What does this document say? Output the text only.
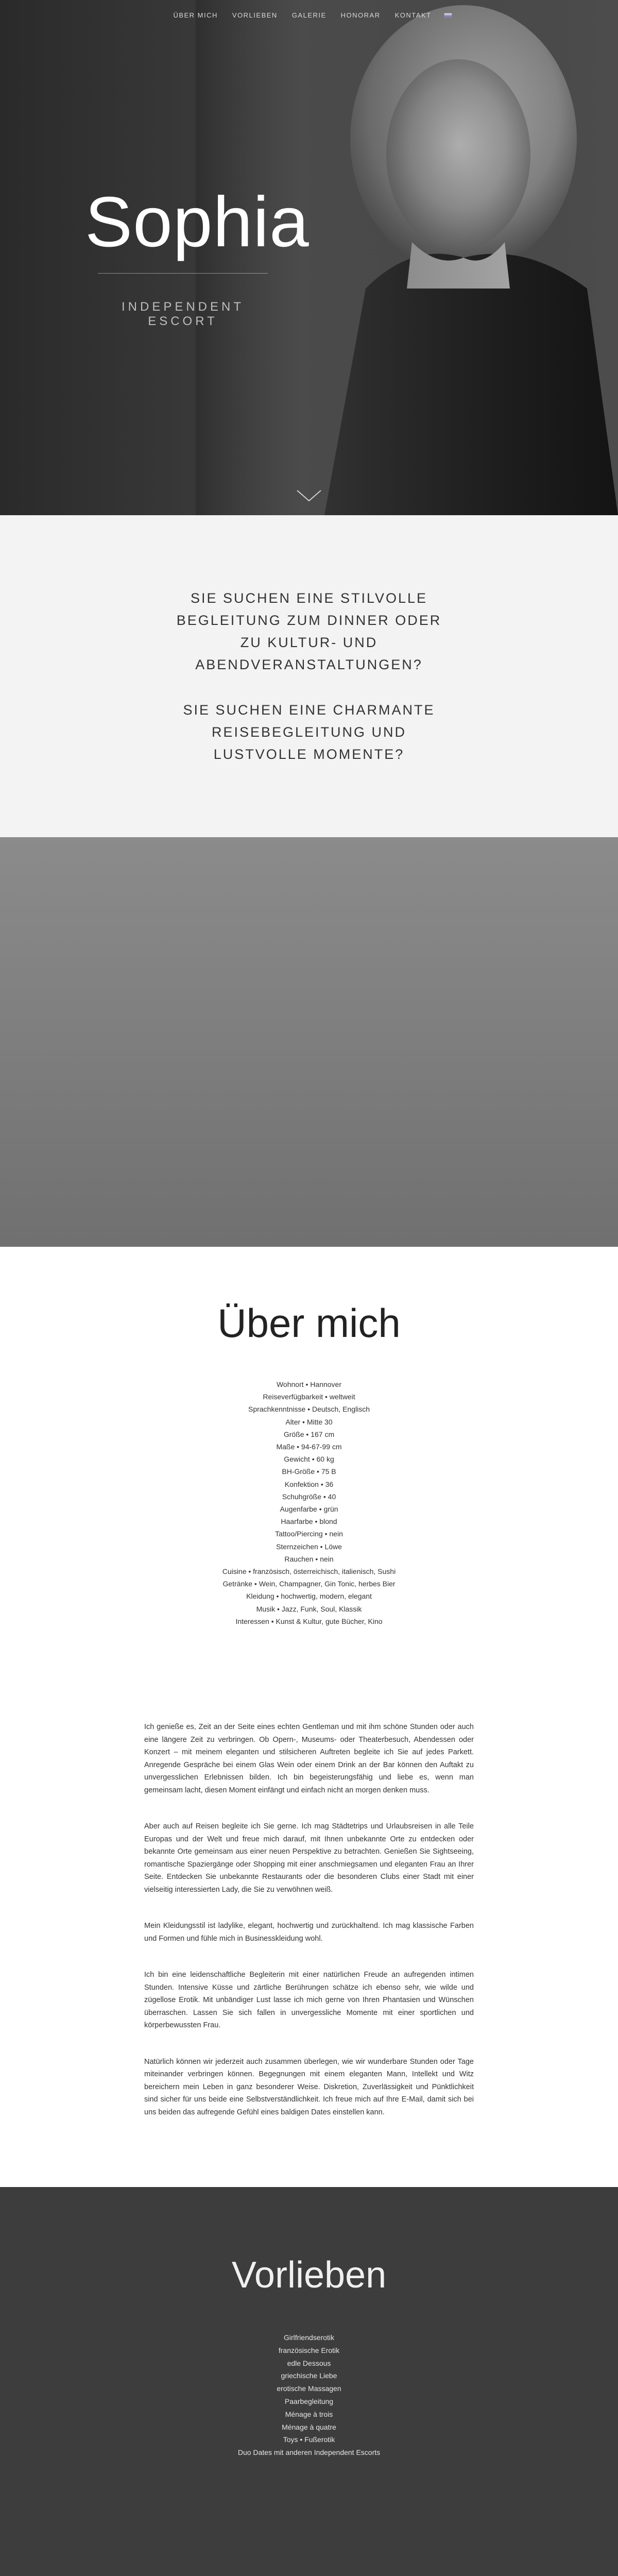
Sophia
INDEPENDENT ESCORT
ÜBER MICH	VORLIEBEN	GALERIE	HONORAR	KONTAKT

SIE SUCHEN EINE STILVOLLE BEGLEITUNG ZUM DINNER ODER ZU KULTUR- UND ABENDVERANSTALTUNGEN?

SIE SUCHEN EINE CHARMANTE REISEBEGLEITUNG UND LUSTVOLLE MOMENTE?

Über mich
Wohnort • Hannover
Reiseverfügbarkeit • weltweit
Sprachkenntnisse • Deutsch, Englisch
Alter • Mitte 30
Größe • 167 cm
Maße • 94-67-99 cm
Gewicht • 60 kg
BH-Größe • 75 B
Konfektion • 36
Schuhgröße • 40
Augenfarbe • grün
Haarfarbe • blond
Tattoo/Piercing • nein
Sternzeichen • Löwe
Rauchen • nein
Cuisine • französisch, österreichisch, italienisch, Sushi
Getränke • Wein, Champagner, Gin Tonic, herbes Bier
Kleidung • hochwertig, modern, elegant
Musik • Jazz, Funk, Soul, Klassik
Interessen • Kunst & Kultur, gute Bücher, Kino

Ich genieße es, Zeit an der Seite eines echten Gentleman und mit ihm schöne Stunden oder auch eine längere Zeit zu verbringen. Ob Opern-, Museums- oder Theaterbesuch, Abendessen oder Konzert – mit meinem eleganten und stilsicheren Auftreten begleite ich Sie auf jedes Parkett. Anregende Gespräche bei einem Glas Wein oder einem Drink an der Bar können den Auftakt zu unvergesslichen Erlebnissen bilden. Ich bin begeisterungsfähig und liebe es, wenn man gemeinsam lacht, diesen Moment einfängt und einfach nicht an morgen denken muss.

Aber auch auf Reisen begleite ich Sie gerne. Ich mag Städtetrips und Urlaubsreisen in alle Teile Europas und der Welt und freue mich darauf, mit Ihnen unbekannte Orte zu entdecken oder bekannte Orte gemeinsam aus einer neuen Perspektive zu betrachten. Genießen Sie Sightseeing, romantische Spaziergänge oder Shopping mit einer anschmiegsamen und eleganten Frau an Ihrer Seite. Entdecken Sie unbekannte Restaurants oder die besonderen Clubs einer Stadt mit einer vielseitig interessierten Lady, die Sie zu verwöhnen weiß.

Mein Kleidungsstil ist ladylike, elegant, hochwertig und zurückhaltend. Ich mag klassische Farben und Formen und fühle mich in Businesskleidung wohl.

Ich bin eine leidenschaftliche Begleiterin mit einer natürlichen Freude an aufregenden intimen Stunden. Intensive Küsse und zärtliche Berührungen schätze ich ebenso sehr, wie wilde und zügellose Erotik. Mit unbändiger Lust lasse ich mich gerne von Ihren Phantasien und Wünschen überraschen. Lassen Sie sich fallen in unvergessliche Momente mit einer sportlichen und körperbewussten Frau.

Natürlich können wir jederzeit auch zusammen überlegen, wie wir wunderbare Stunden oder Tage miteinander verbringen können. Begegnungen mit einem eleganten Mann, Intellekt und Witz bereichern mein Leben in ganz besonderer Weise. Diskretion, Zuverlässigkeit und Pünktlichkeit sind sicher für uns beide eine Selbstverständlichkeit. Ich freue mich auf Ihre E-Mail, damit sich bei uns beiden das aufregende Gefühl eines baldigen Dates einstellen kann.

Vorlieben
Girlfriendserotik
französische Erotik
edle Dessous
griechische Liebe
erotische Massagen
Paarbegleitung
Ménage à trois
Ménage à quatre
Toys • Fußerotik
Duo Dates mit anderen Independent Escorts
